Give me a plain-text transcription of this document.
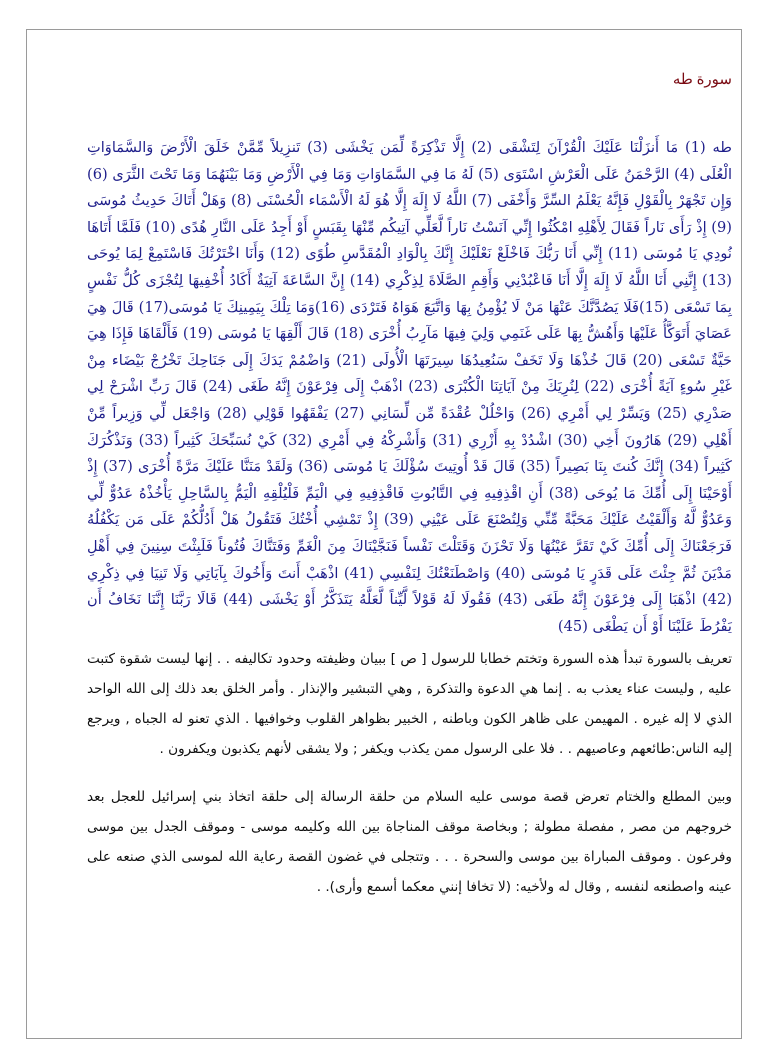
سورة طه

طه (1) مَا أَنزَلْنَا عَلَيْكَ الْقُرْآنَ لِتَشْقَى (2) إِلَّا تَذْكِرَةً لِّمَن يَخْشَى (3) تَنزِيلاً مِّمَّنْ خَلَقَ الْأَرْضَ وَالسَّمَاوَاتِ الْعُلَى (4) الرَّحْمَنُ عَلَى الْعَرْشِ اسْتَوَى (5) لَهُ مَا فِي السَّمَاوَاتِ وَمَا فِي الْأَرْضِ وَمَا بَيْنَهُمَا وَمَا تَحْتَ الثَّرَى (6) وَإِن تَجْهَرْ بِالْقَوْلِ فَإِنَّهُ يَعْلَمُ السِّرَّ وَأَخْفَى (7) اللَّهُ لَا إِلَهَ إِلَّا هُوَ لَهُ الْأَسْمَاء الْحُسْنَى (8) وَهَلْ أَتَاكَ حَدِيثُ مُوسَى (9) إِذْ رَأَى نَاراً فَقَالَ لِأَهْلِهِ امْكُثُوا إِنِّي آنَسْتُ نَاراً لَّعَلِّي آتِيكُم مِّنْهَا بِقَبَسٍ أَوْ أَجِدُ عَلَى النَّارِ هُدًى (10) فَلَمَّا أَتَاهَا نُودِي يَا مُوسَى (11) إِنِّي أَنَا رَبُّكَ فَاخْلَعْ نَعْلَيْكَ إِنَّكَ بِالْوَادِ الْمُقَدَّسِ طُوًى (12) وَأَنَا اخْتَرْتُكَ فَاسْتَمِعْ لِمَا يُوحَى (13) إِنَّنِي أَنَا اللَّهُ لَا إِلَهَ إِلَّا أَنَا فَاعْبُدْنِي وَأَقِمِ الصَّلَاةَ لِذِكْرِي (14) إِنَّ السَّاعَةَ آتِيَةٌ أَكَادُ أُخْفِيهَا لِتُجْزَى كُلُّ نَفْسٍ بِمَا تَسْعَى (15)فَلَا يَصُدَّنَّكَ عَنْهَا مَنْ لَا يُؤْمِنُ بِهَا وَاتَّبَعَ هَوَاهُ فَتَرْدَى (16)وَمَا تِلْكَ بِيَمِينِكَ يَا مُوسَى(17) قَالَ هِيَ عَصَايَ أَتَوَكَّأُ عَلَيْهَا وَأَهُشُّ بِهَا عَلَى غَنَمِي وَلِيَ فِيهَا مَآرِبُ أُخْرَى (18) قَالَ أَلْقِهَا يَا مُوسَى (19) فَأَلْقَاهَا فَإِذَا هِيَ حَيَّةٌ تَسْعَى (20) قَالَ خُذْهَا وَلَا تَخَفْ سَنُعِيدُهَا سِيرَتَهَا الْأُولَى (21) وَاضْمُمْ يَدَكَ إِلَى جَنَاحِكَ تَخْرُجْ بَيْضَاء مِنْ غَيْرِ سُوءٍ آيَةً أُخْرَى (22) لِنُرِيَكَ مِنْ آيَاتِنَا الْكُبْرَى (23) اذْهَبْ إِلَى فِرْعَوْنَ إِنَّهُ طَغَى (24) قَالَ رَبِّ اشْرَحْ لِي صَدْرِي (25) وَيَسِّرْ لِي أَمْرِي (26) وَاحْلُلْ عُقْدَةً مِّن لِّسَانِي (27) يَفْقَهُوا قَوْلِي (28) وَاجْعَل لِّي وَزِيراً مِّنْ أَهْلِي (29) هَارُونَ أَخِي (30) اشْدُدْ بِهِ أَزْرِي (31) وَأَشْرِكْهُ فِي أَمْرِي (32) كَيْ نُسَبِّحَكَ كَثِيراً (33) وَنَذْكُرَكَ كَثِيراً (34) إِنَّكَ كُنتَ بِنَا بَصِيراً (35) قَالَ قَدْ أُوتِيتَ سُؤْلَكَ يَا مُوسَى (36) وَلَقَدْ مَنَنَّا عَلَيْكَ مَرَّةً أُخْرَى (37) إِذْ أَوْحَيْنَا إِلَى أُمِّكَ مَا يُوحَى (38) أَنِ اقْذِفِيهِ فِي التَّابُوتِ فَاقْذِفِيهِ فِي الْيَمِّ فَلْيُلْقِهِ الْيَمُّ بِالسَّاحِلِ يَأْخُذْهُ عَدُوٌّ لِّي وَعَدُوٌّ لَّهُ وَأَلْقَيْتُ عَلَيْكَ مَحَبَّةً مِّنِّي وَلِتُصْنَعَ عَلَى عَيْنِي (39) إِذْ تَمْشِي أُخْتُكَ فَتَقُولُ هَلْ أَدُلُّكُمْ عَلَى مَن يَكْفُلُهُ فَرَجَعْنَاكَ إِلَى أُمِّكَ كَيْ تَقَرَّ عَيْنُهَا وَلَا تَحْزَنَ وَقَتَلْتَ نَفْساً فَنَجَّيْنَاكَ مِنَ الْغَمِّ وَفَتَنَّاكَ فُتُوناً فَلَبِثْتَ سِنِينَ فِي أَهْلِ مَدْيَنَ ثُمَّ جِئْتَ عَلَى قَدَرٍ يَا مُوسَى (40) وَاصْطَنَعْتُكَ لِنَفْسِي (41) اذْهَبْ أَنتَ وَأَخُوكَ بِآيَاتِي وَلَا تَنِيَا فِي ذِكْرِي (42) اذْهَبَا إِلَى فِرْعَوْنَ إِنَّهُ طَغَى (43) فَقُولَا لَهُ قَوْلاً لَّيِّناً لَّعَلَّهُ يَتَذَكَّرُ أَوْ يَخْشَى (44) قَالَا رَبَّنَا إِنَّنَا نَخَافُ أَن يَفْرُطَ عَلَيْنَا أَوْ أَن يَطْغَى (45)

تعريف بالسورة تبدأ هذه السورة وتختم خطابا للرسول [ ص ] ببيان وظيفته وحدود تكاليفه . . إنها ليست شقوة كتبت عليه , وليست عناء يعذب به . إنما هي الدعوة والتذكرة , وهي التبشير والإنذار . وأمر الخلق بعد ذلك إلى الله الواحد الذي لا إله غيره . المهيمن على ظاهر الكون وباطنه , الخبير بظواهر القلوب وخوافيها . الذي تعنو له الجباه , ويرجع إليه الناس:طائعهم وعاصيهم . . فلا على الرسول ممن يكذب ويكفر ; ولا يشقى لأنهم يكذبون ويكفرون .

وبين المطلع والختام تعرض قصة موسى عليه السلام من حلقة الرسالة إلى حلقة اتخاذ بني إسرائيل للعجل بعد خروجهم من مصر , مفصلة مطولة ; وبخاصة موقف المناجاة بين الله وكليمه موسى - وموقف الجدل بين موسى وفرعون . وموقف المباراة بين موسى والسحرة . . . وتتجلى في غضون القصة رعاية الله لموسى الذي صنعه على عينه واصطنعه لنفسه , وقال له ولأخيه: (لا تخافا إنني معكما أسمع وأرى). .
